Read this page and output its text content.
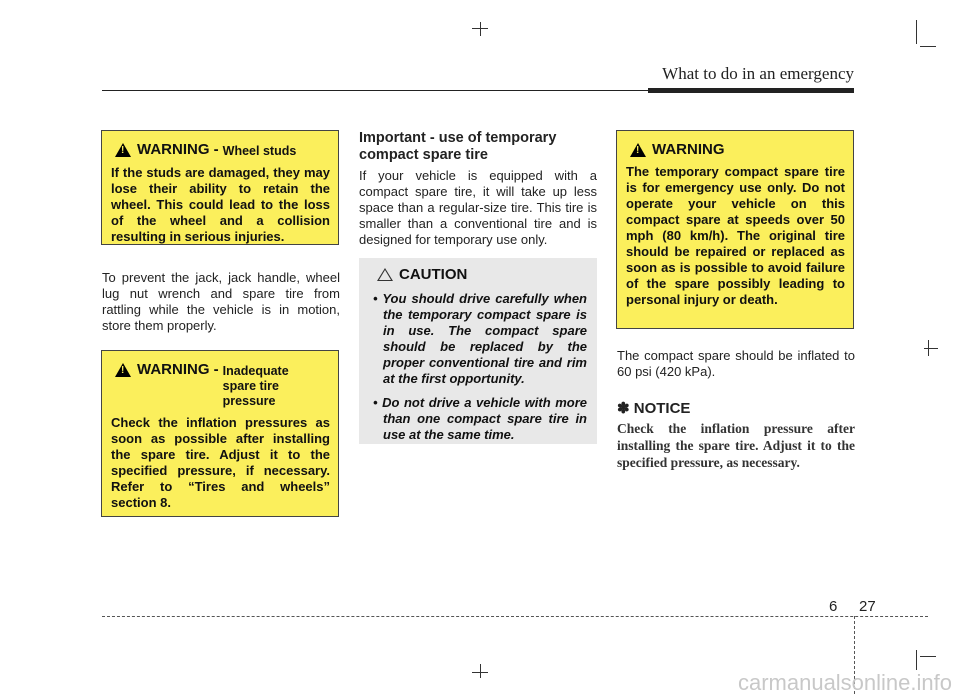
What to do in an emergency
!
WARNING - Wheel studs
If the studs are damaged, they may lose their ability to retain the wheel. This could lead to the loss of the wheel and a collision resulting in serious injuries.
To prevent the jack, jack handle, wheel lug nut wrench and spare tire from rattling while the vehicle is in motion, store them properly.
!
WARNING - Inadequate spare tire pressure
Check the inflation pressures as soon as possible after installing the spare tire. Adjust it to the specified pressure, if necessary. Refer to “Tires and wheels” section 8.
Important - use of temporary compact spare tire
If your vehicle is equipped with a compact spare tire, it will take up less space than a regular-size tire. This tire is smaller than a conventional tire and is designed for temporary use only.
CAUTION
• You should drive carefully when the temporary compact spare is in use. The compact spare should be replaced by the proper conventional tire and rim at the first opportunity.
• Do not drive a vehicle with more than one compact spare tire in use at the same time.
!
WARNING
The temporary compact spare tire is for emergency use only. Do not operate your vehicle on this compact spare at speeds over 50 mph (80 km/h). The original tire should be repaired or replaced as soon as is possible to avoid failure of the spare possibly leading to personal injury or death.
The compact spare should be inflated to 60 psi (420 kPa).
✽ NOTICE
Check the inflation pressure after installing the spare tire. Adjust it to the specified pressure, as necessary.
6 27
carmanualsonline.info
